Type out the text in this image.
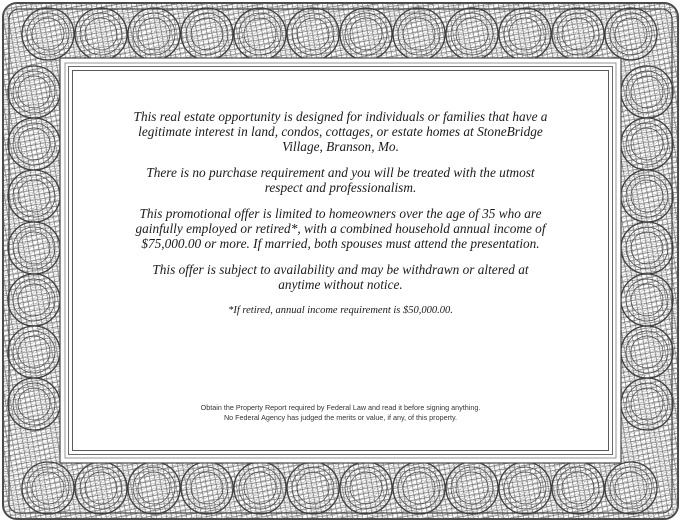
This real estate opportunity is designed for individuals or families that have a legitimate interest in land, condos, cottages, or estate homes at StoneBridge Village, Branson, Mo.

There is no purchase requirement and you will be treated with the utmost respect and professionalism.

This promotional offer is limited to homeowners over the age of 35 who are gainfully employed or retired*, with a combined household annual income of $75,000.00 or more. If married, both spouses must attend the presentation.

This offer is subject to availability and may be withdrawn or altered at anytime without notice.

*If retired, annual income requirement is $50,000.00.

Obtain the Property Report required by Federal Law and read it before signing anything.
No Federal Agency has judged the merits or value, if any, of this property.
